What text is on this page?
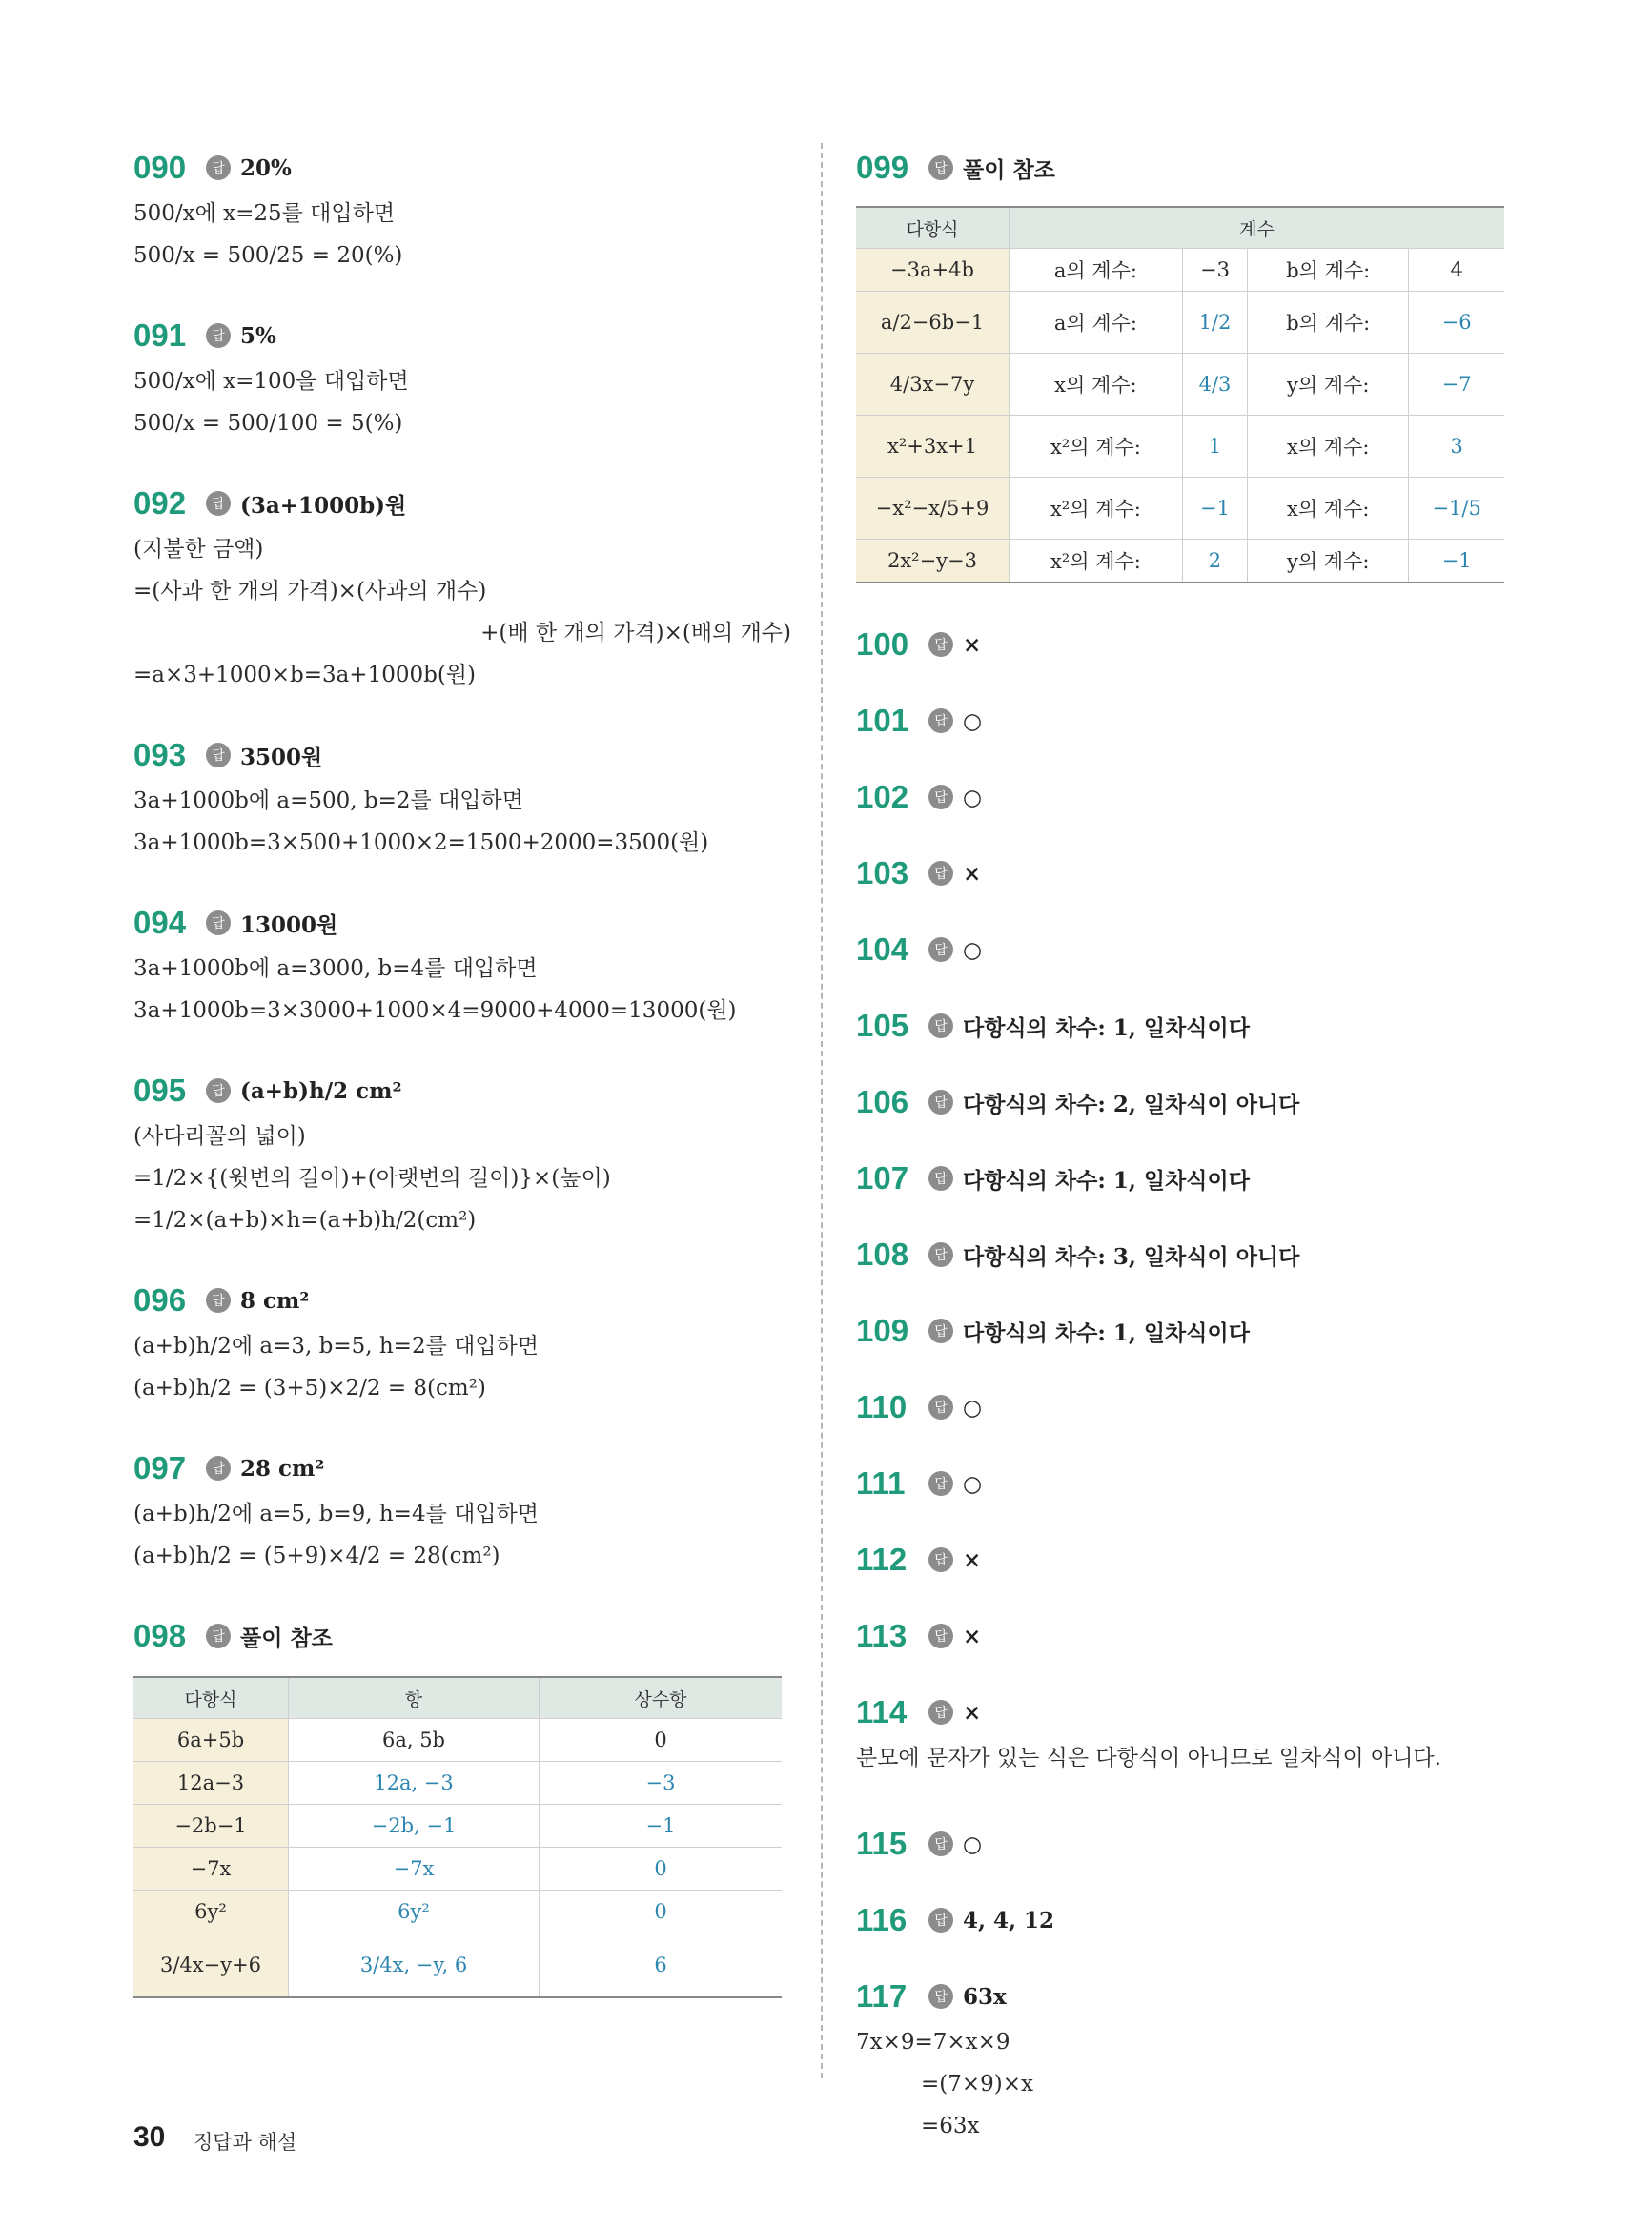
090	답 20%
500/x에 x=25를 대입하면
500/x = 500/25 = 20(%)
091	답 5%
500/x에 x=100을 대입하면
500/x = 500/100 = 5(%)
092	답 (3a+1000b)원
(지불한 금액)
=(사과 한 개의 가격)×(사과의 개수)
+(배 한 개의 가격)×(배의 개수)
=a×3+1000×b=3a+1000b(원)
093	답 3500원
3a+1000b에 a=500, b=2를 대입하면
3a+1000b=3×500+1000×2=1500+2000=3500(원)
094	답 13000원
3a+1000b에 a=3000, b=4를 대입하면
3a+1000b=3×3000+1000×4=9000+4000=13000(원)
095	답 (a+b)h/2 cm²
(사다리꼴의 넓이)
=1/2×{(윗변의 길이)+(아랫변의 길이)}×(높이)
=1/2×(a+b)×h=(a+b)h/2(cm²)
096	답 8 cm²
(a+b)h/2에 a=3, b=5, h=2를 대입하면
(a+b)h/2 = (3+5)×2/2 = 8(cm²)
097	답 28 cm²
(a+b)h/2에 a=5, b=9, h=4를 대입하면
(a+b)h/2 = (5+9)×4/2 = 28(cm²)
098	답 풀이 참조
다항식	항	상수항
6a+5b	6a, 5b	0
12a−3	12a, −3	−3
−2b−1	−2b, −1	−1
−7x	−7x	0
6y²	6y²	0
3/4x−y+6	3/4x, −y, 6	6
099	답 풀이 참조
다항식	계수			
−3a+4b	a의 계수:	−3	b의 계수:	4
a/2−6b−1	a의 계수:	1/2	b의 계수:	−6
4/3x−7y	x의 계수:	4/3	y의 계수:	−7
x²+3x+1	x²의 계수:	1	x의 계수:	3
−x²−x/5+9	x²의 계수:	−1	x의 계수:	−1/5
2x²−y−3	x²의 계수:	2	y의 계수:	−1
100	답 ×
101	답 ○
102	답 ○
103	답 ×
104	답 ○
105	답 다항식의 차수: 1, 일차식이다
106	답 다항식의 차수: 2, 일차식이 아니다
107	답 다항식의 차수: 1, 일차식이다
108	답 다항식의 차수: 3, 일차식이 아니다
109	답 다항식의 차수: 1, 일차식이다
110	답 ○
111	답 ○
112	답 ×
113	답 ×
114	답 ×
분모에 문자가 있는 식은 다항식이 아니므로 일차식이 아니다.
115	답 ○
116	답 4, 4, 12
117	답 63x
7x×9=7×x×9
=(7×9)×x
=63x
30 정답과 해설
